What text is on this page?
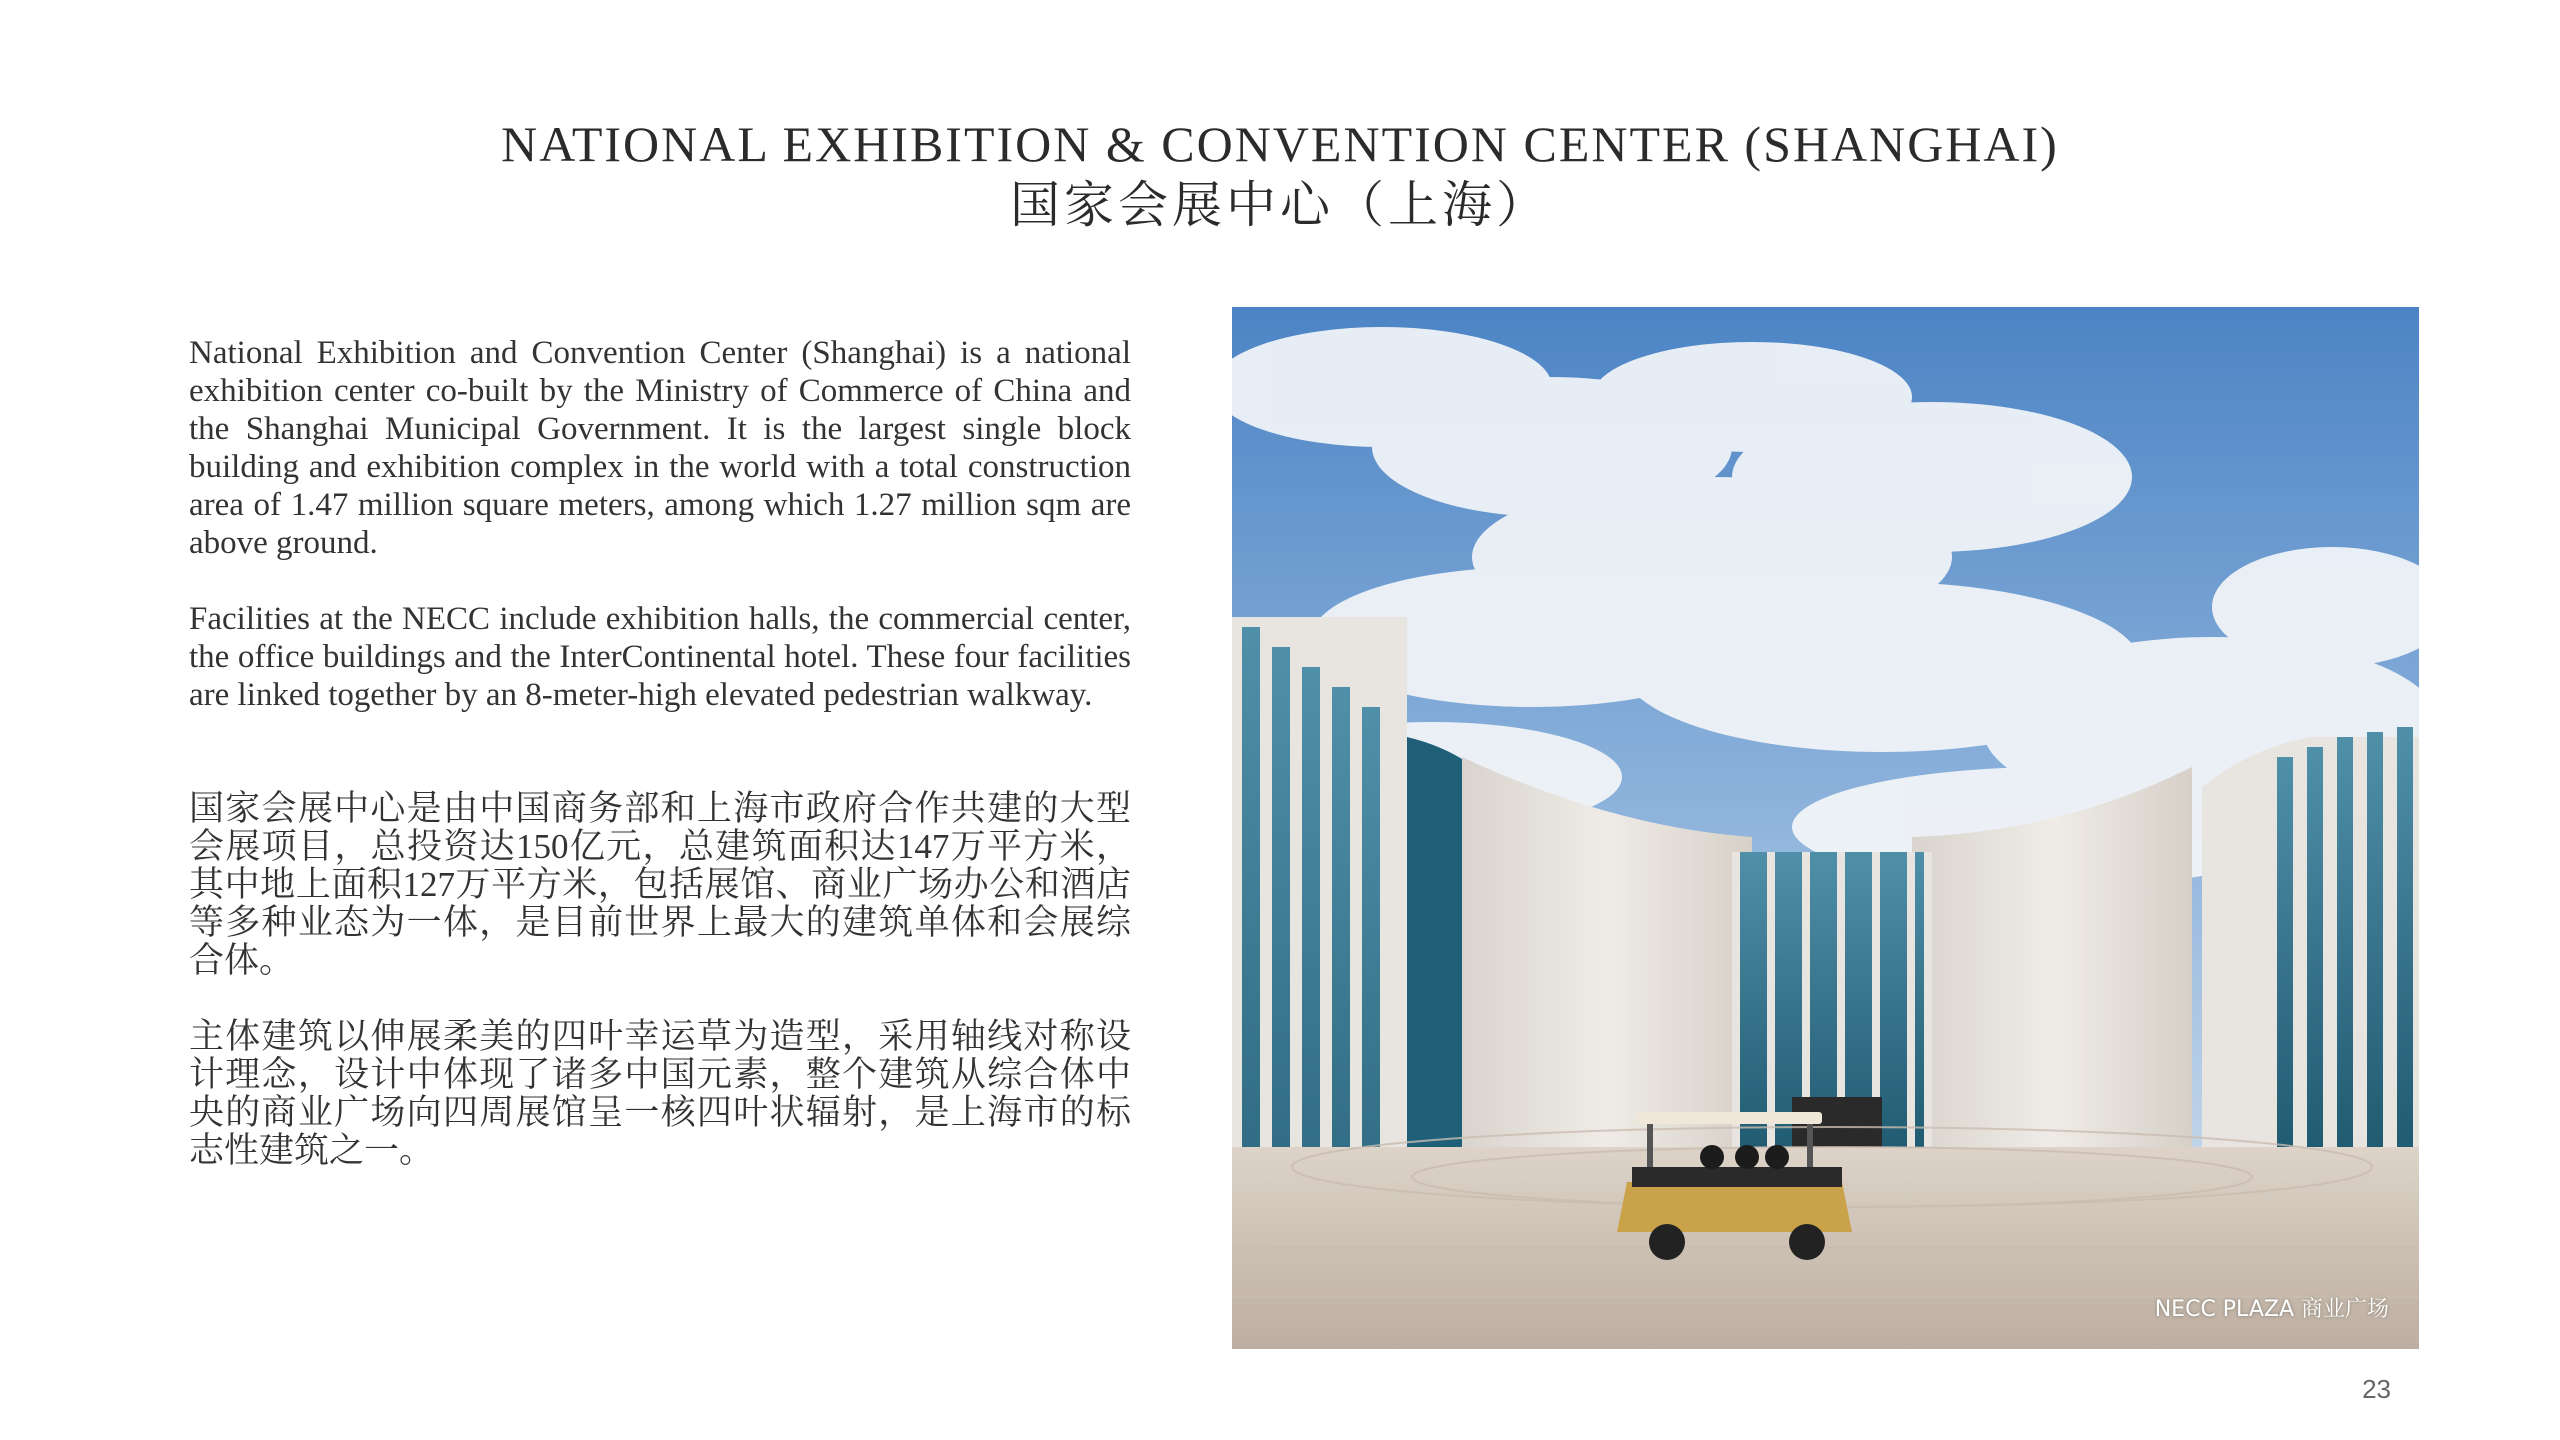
NATIONAL EXHIBITION & CONVENTION CENTER (SHANGHAI)
国家会展中心（上海）

National Exhibition and Convention Center (Shanghai) is a national exhibition center co-built by the Ministry of Commerce of China and the Shanghai Municipal Government. It is the largest single block building and exhibition complex in the world with a total construction area of 1.47 million square meters, among which 1.27 million sqm are above ground.

Facilities at the NECC include exhibition halls, the commercial center, the office buildings and the InterContinental hotel. These four facilities are linked together by an 8-meter-high elevated pedestrian walkway.

国家会展中心是由中国商务部和上海市政府合作共建的大型会展项目，总投资达150亿元，总建筑面积达147万平方米，其中地上面积127万平方米，包括展馆、商业广场办公和酒店等多种业态为一体，是目前世界上最大的建筑单体和会展综合体。

主体建筑以伸展柔美的四叶幸运草为造型，采用轴线对称设计理念，设计中体现了诸多中国元素，整个建筑从综合体中央的商业广场向四周展馆呈一核四叶状辐射，是上海市的标志性建筑之一。

NECC PLAZA 商业广场
23
